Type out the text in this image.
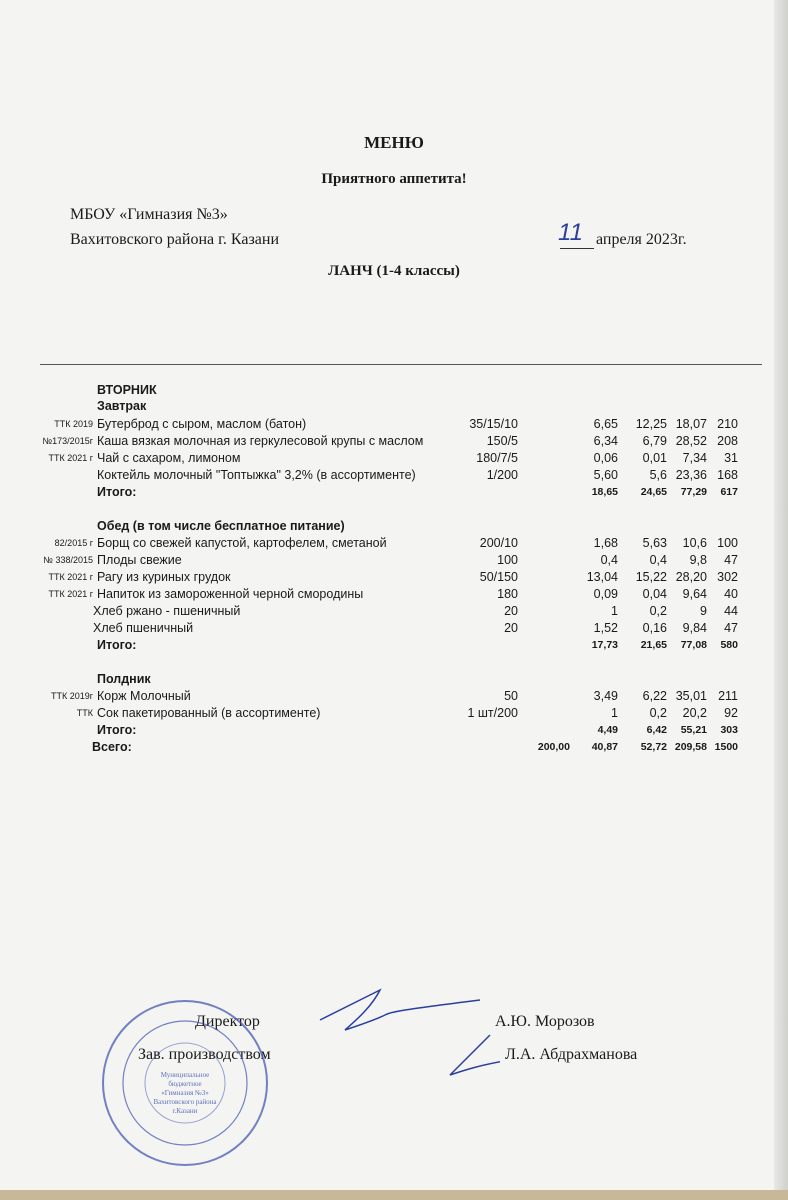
МЕНЮ
Приятного аппетита!
МБОУ «Гимназия №3»
Вахитовского района г. Казани	11 апреля 2023г.
ЛАНЧ (1-4 классы)
ВТОРНИК
Завтрак
ТТК 2019 Бутерброд с сыром, маслом (батон)	35/15/10	6,65 12,25 18,07 210
№173/2015г Каша вязкая молочная из геркулесовой крупы с маслом	150/5	6,34 6,79 28,52 208
ТТК 2021 г Чай с сахаром, лимоном	180/7/5	0,06 0,01 7,34 31
Коктейль молочный "Топтыжка" 3,2% (в ассортименте)	1/200	5,60	5,6 23,36 168
Итого:	18,65 24,65 77,29 617
Обед (в том числе бесплатное питание)
82/2015 г Борщ со свежей капустой, картофелем, сметаной	200/10	1,68 5,63 10,6 100
№ 338/2015 Плоды свежие	100	0,4	0,4 9,8 47
ТТК 2021 г Рагу из куриных грудок	50/150	13,04 15,22 28,20 302
ТТК 2021 г Напиток из замороженной черной смородины	180	0,09 0,04 9,64 40
Хлеб ржано - пшеничный	20	1	0,2	9 44
Хлеб пшеничный	20	1,52 0,16 9,84 47
Итого:	17,73 21,65 77,08 580
Полдник
ТТК 2019г Корж Молочный	50	3,49 6,22 35,01 211
ТТК Сок пакетированный (в ассортименте)	1 шт/200	1	0,2 20,2 92
Итого:	4,49	6,42 55,21 303
Всего:	200,00 40,87 52,72 209,58 1500
Директор	А.Ю. Морозов
Зав. производством	Л.А. Абдрахманова
Муниципальное
бюджетное
«Гимназия №3»
Вахитовского района
г.Казани
